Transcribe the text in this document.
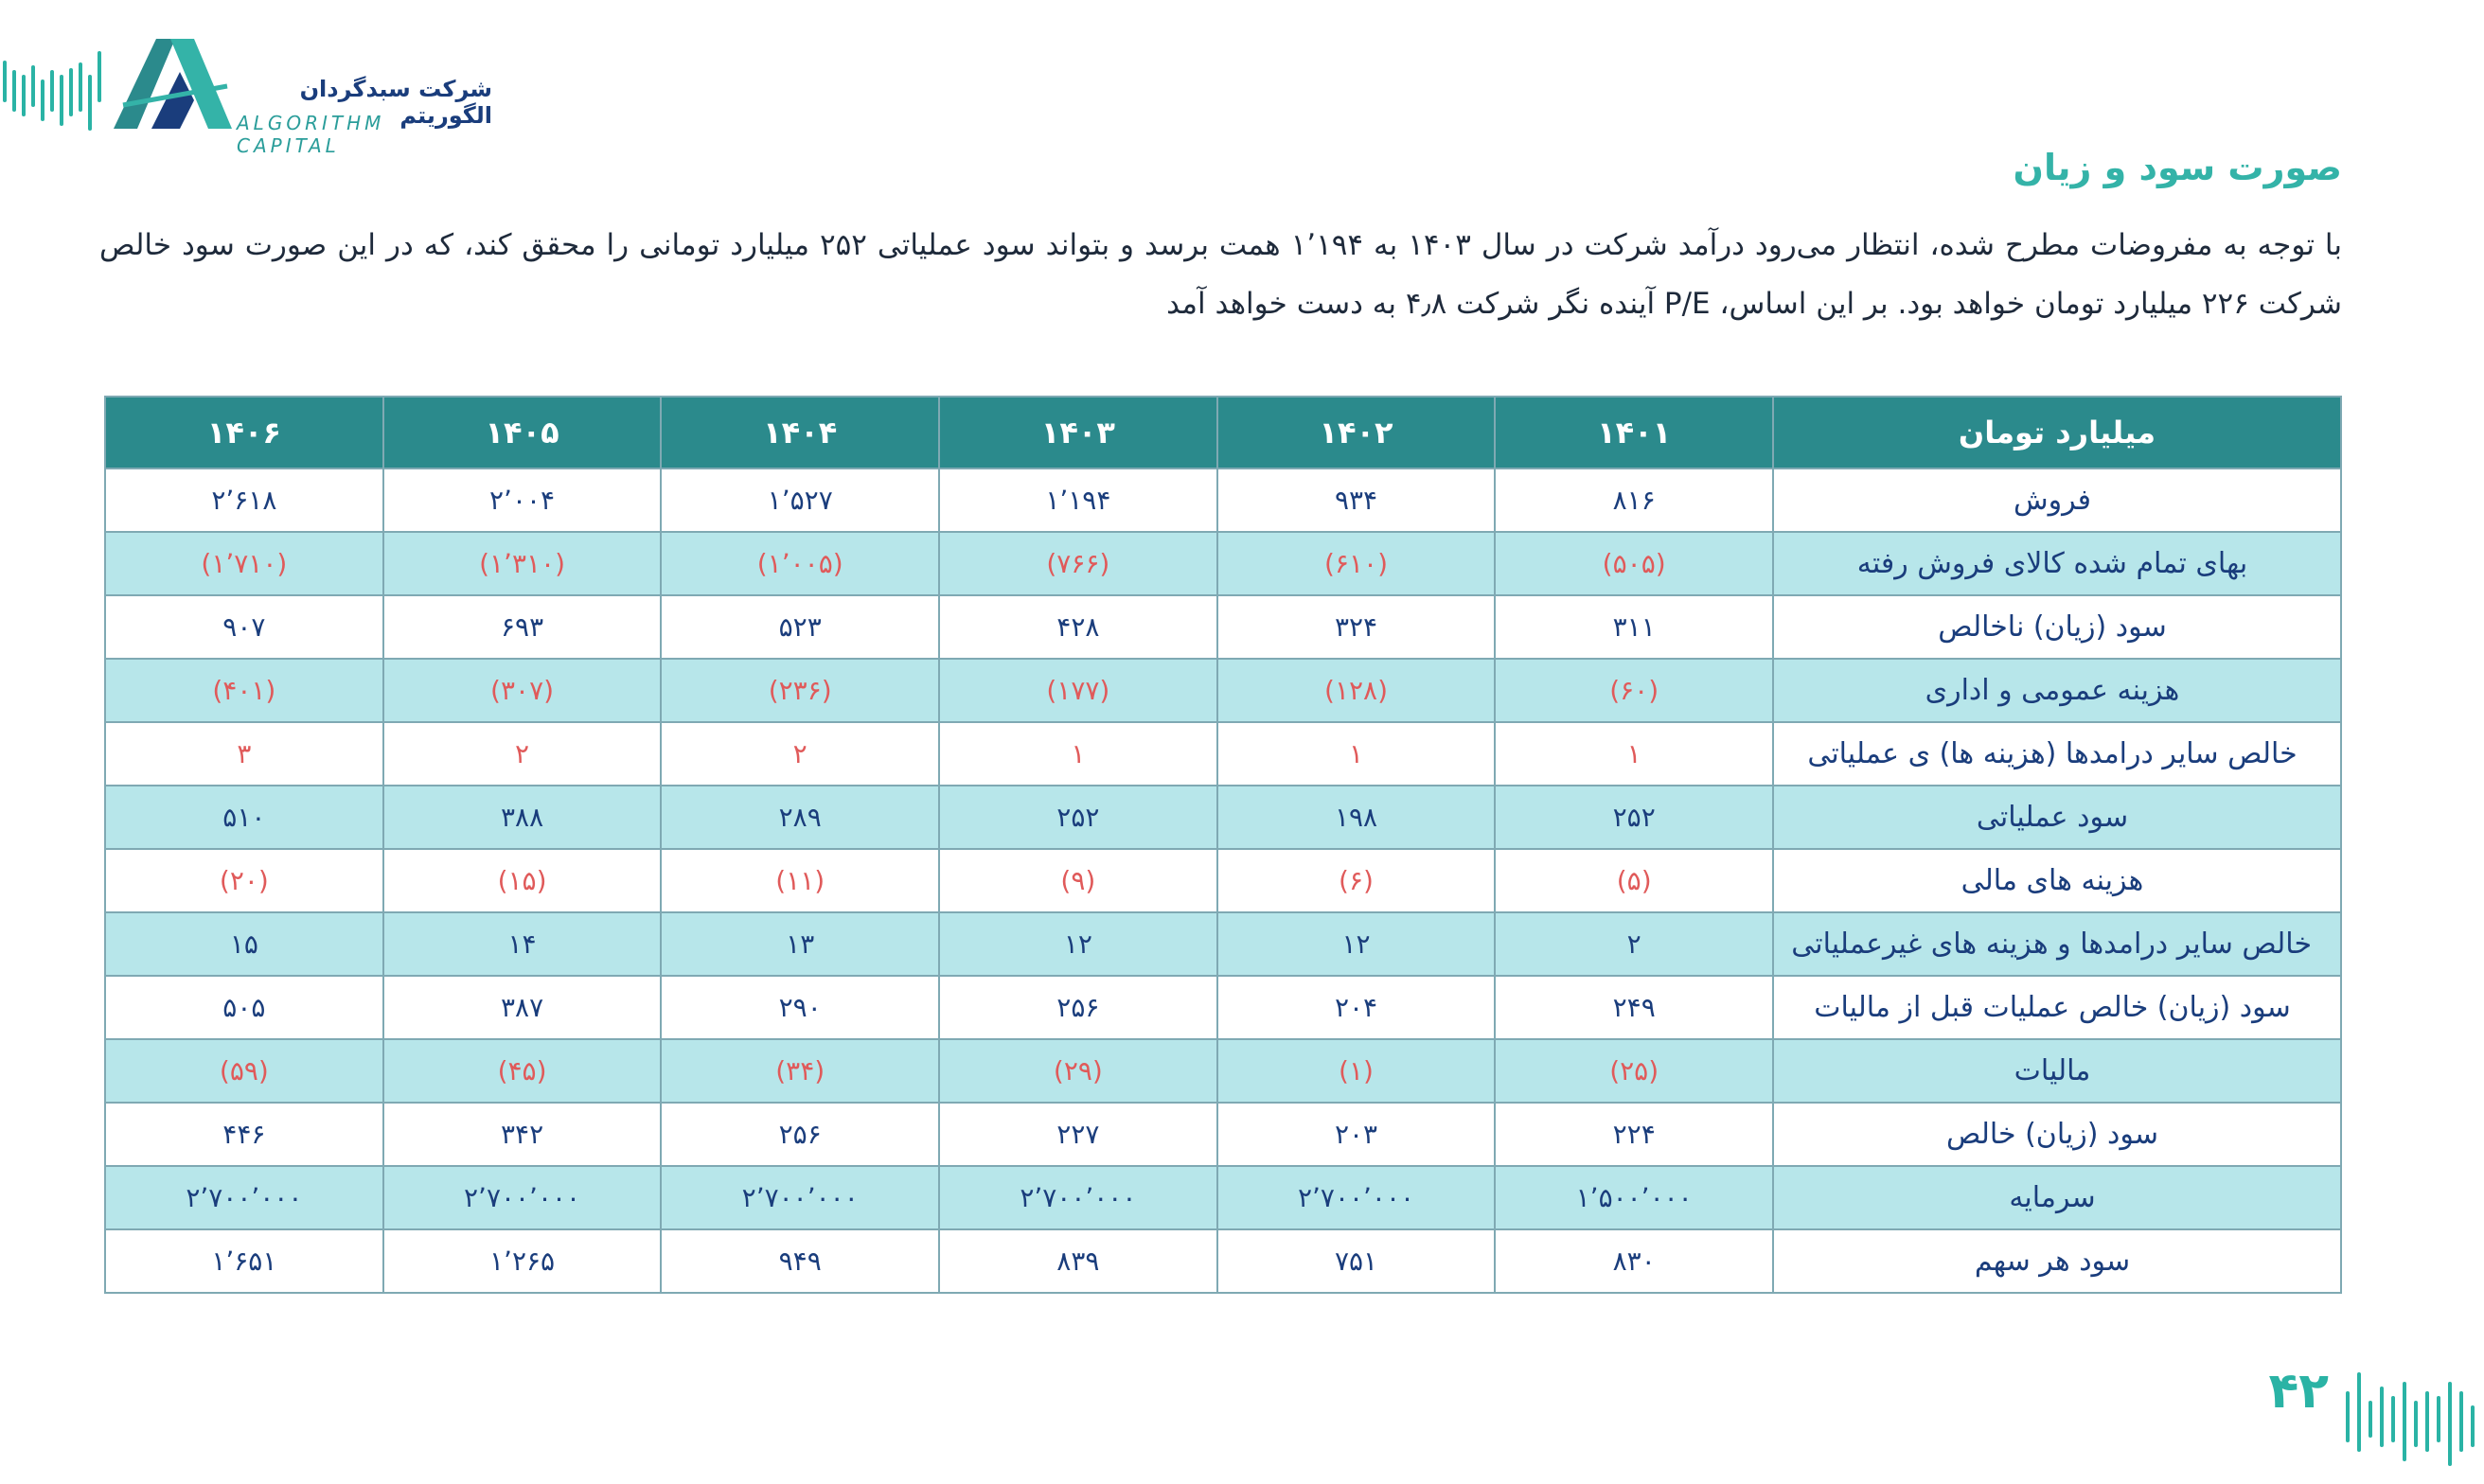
شرکت سبدگردان الگوریتم
ALGORITHM CAPITAL
صورت سود و زیان
با توجه به مفروضات مطرح شده، انتظار می‌رود درآمد شرکت در سال ۱۴۰۳ به ۱٬۱۹۴ همت برسد و بتواند سود عملیاتی ۲۵۲ میلیارد تومانی را محقق کند، که در این صورت سود خالص شرکت ۲۲۶ میلیارد تومان خواهد بود. بر این اساس، P/E آینده نگر شرکت ۴٫۸ به دست خواهد آمد
میلیارد تومان	۱۴۰۱	۱۴۰۲	۱۴۰۳	۱۴۰۴	۱۴۰۵	۱۴۰۶
فروش	۸۱۶	۹۳۴	۱٬۱۹۴	۱٬۵۲۷	۲٬۰۰۴	۲٬۶۱۸
بهای تمام شده کالای فروش رفته	(۵۰۵)	(۶۱۰)	(۷۶۶)	(۱٬۰۰۵)	(۱٬۳۱۰)	(۱٬۷۱۰)
سود (زیان) ناخالص	۳۱۱	۳۲۴	۴۲۸	۵۲۳	۶۹۳	۹۰۷
هزینه عمومی و اداری	(۶۰)	(۱۲۸)	(۱۷۷)	(۲۳۶)	(۳۰۷)	(۴۰۱)
خالص سایر درامدها (هزینه ها) ی عملیاتی	۱	۱	۱	۲	۲	۳
سود عملیاتی	۲۵۲	۱۹۸	۲۵۲	۲۸۹	۳۸۸	۵۱۰
هزینه های مالی	(۵)	(۶)	(۹)	(۱۱)	(۱۵)	(۲۰)
خالص سایر درامدها و هزینه های غیرعملیاتی	۲	۱۲	۱۲	۱۳	۱۴	۱۵
سود (زیان) خالص عملیات قبل از مالیات	۲۴۹	۲۰۴	۲۵۶	۲۹۰	۳۸۷	۵۰۵
مالیات	(۲۵)	(۱)	(۲۹)	(۳۴)	(۴۵)	(۵۹)
سود (زیان) خالص	۲۲۴	۲۰۳	۲۲۷	۲۵۶	۳۴۲	۴۴۶
سرمایه	۱٬۵۰۰٬۰۰۰	۲٬۷۰۰٬۰۰۰	۲٬۷۰۰٬۰۰۰	۲٬۷۰۰٬۰۰۰	۲٬۷۰۰٬۰۰۰	۲٬۷۰۰٬۰۰۰
سود هر سهم	۸۳۰	۷۵۱	۸۳۹	۹۴۹	۱٬۲۶۵	۱٬۶۵۱
۴۲
